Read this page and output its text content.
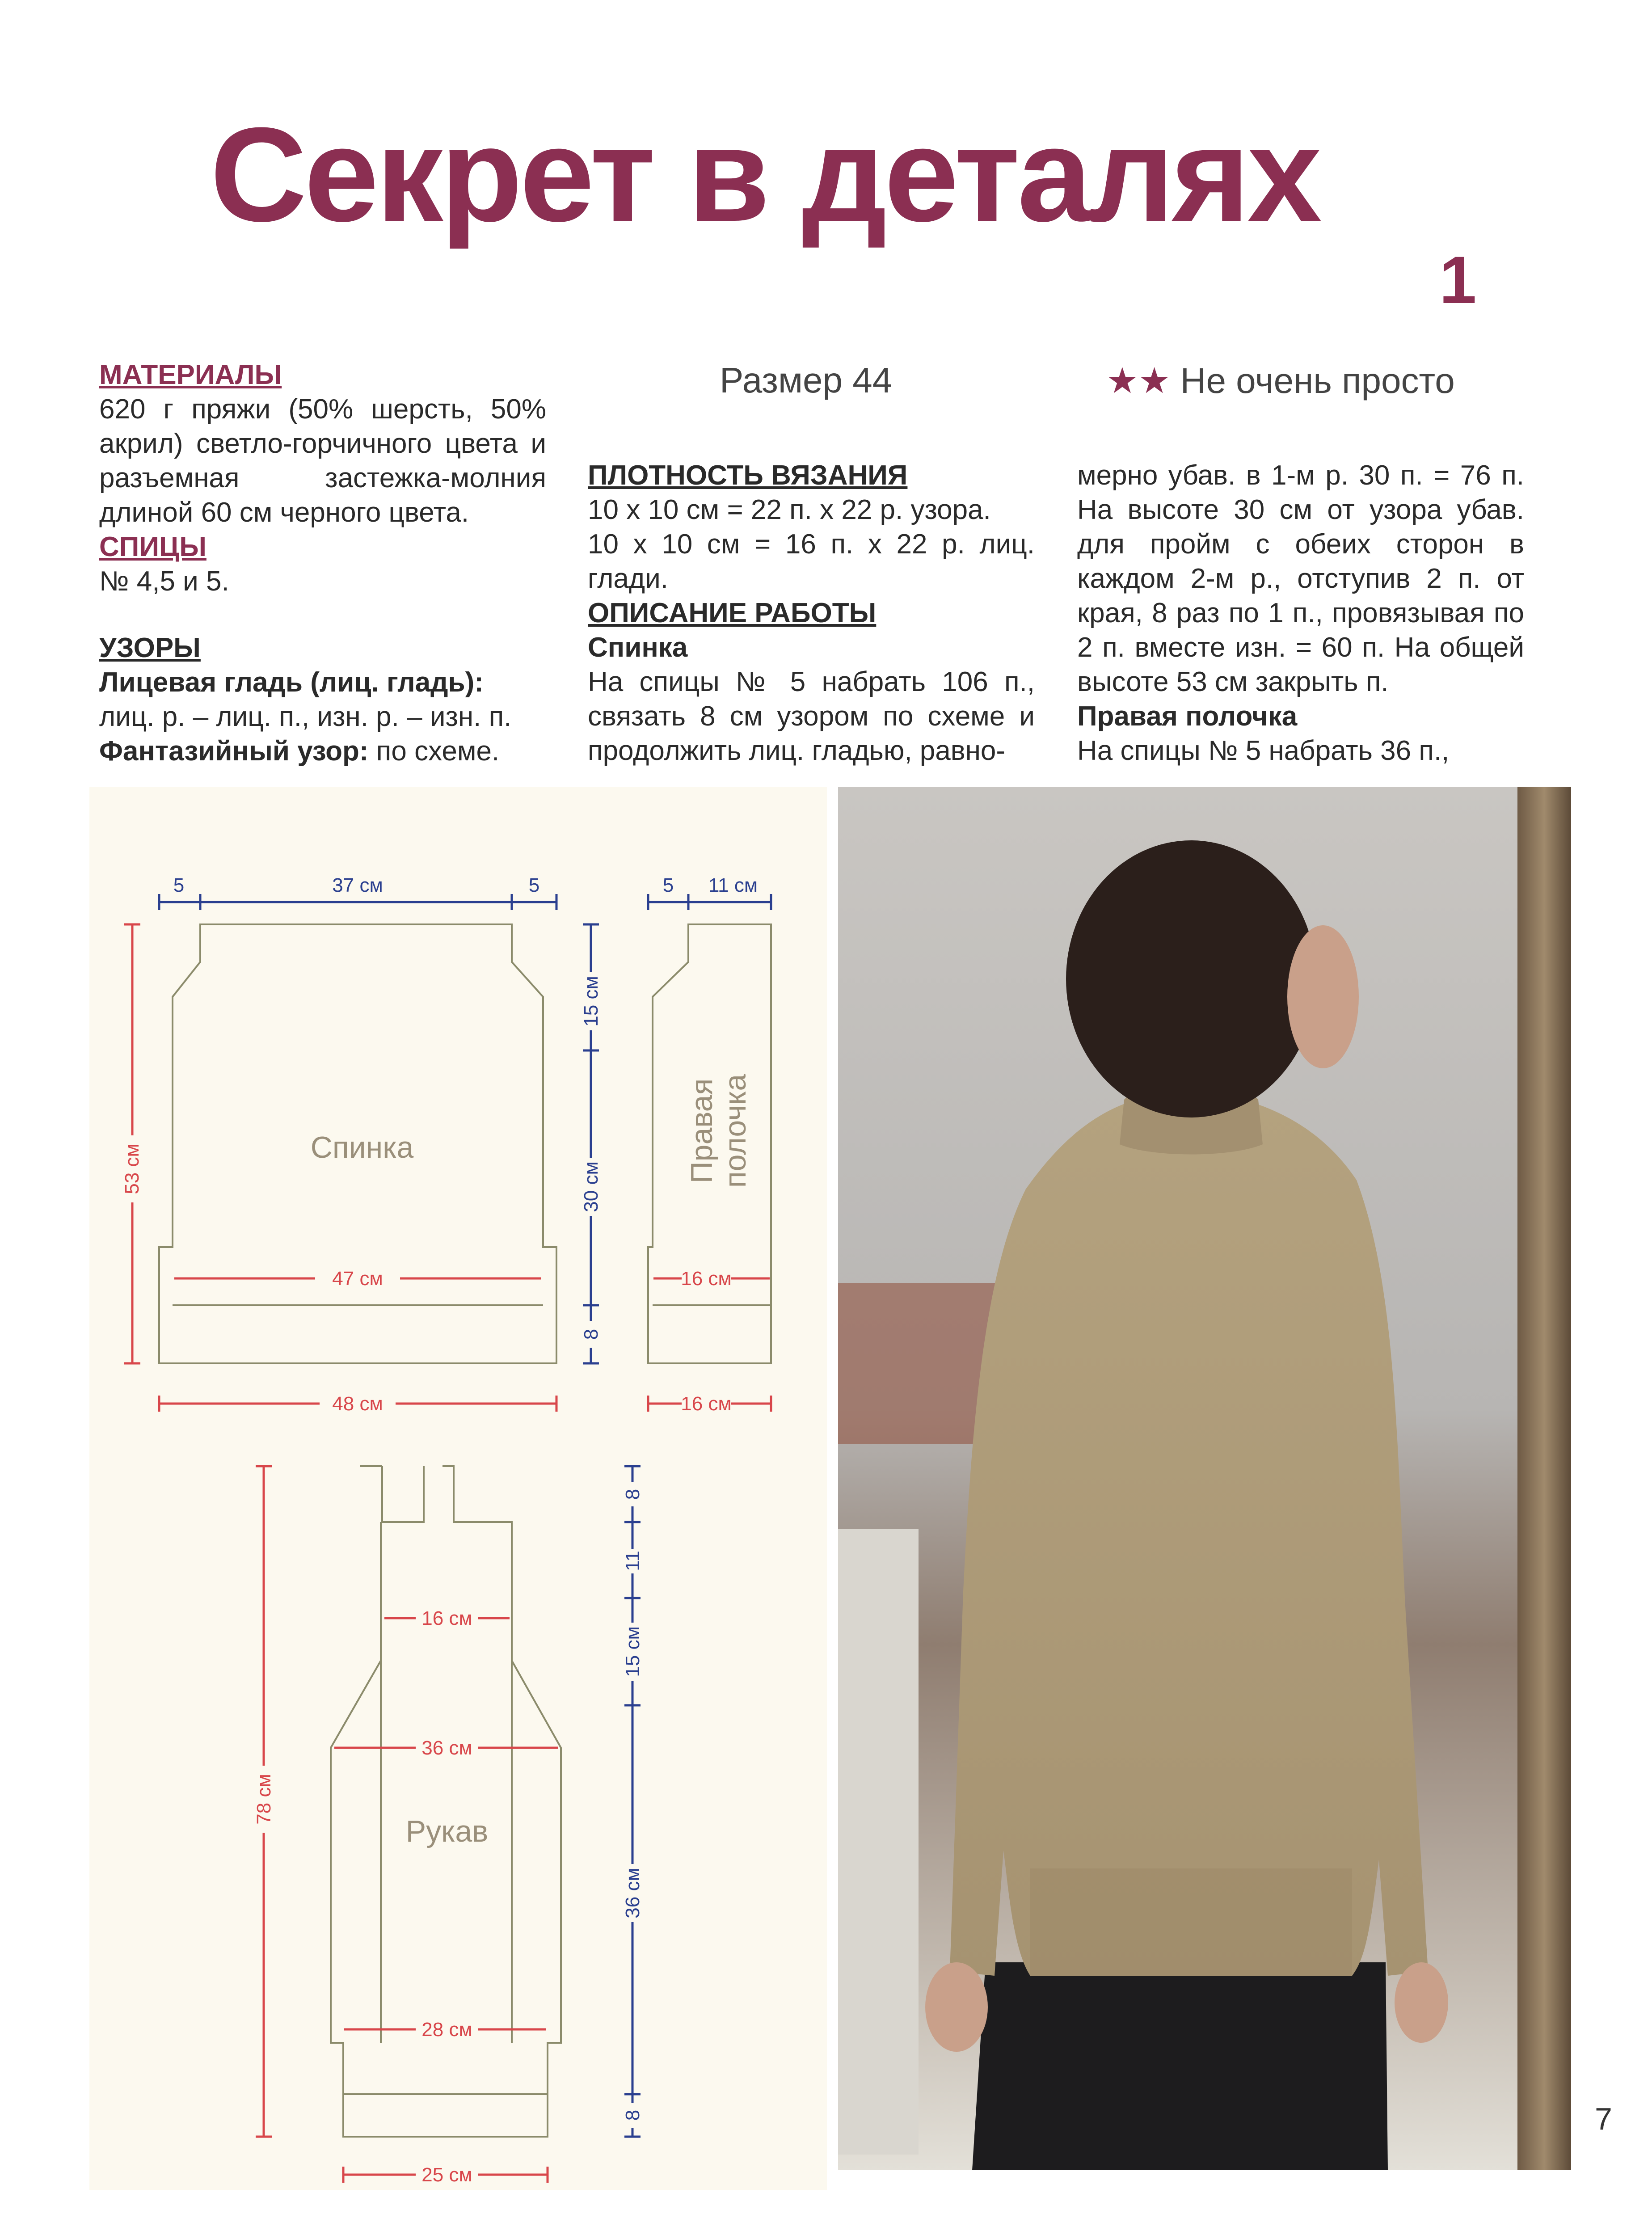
Секрет в деталях
1
Размер 44	★★ Не очень просто
МАТЕРИАЛЫ
620 г пряжи (50% шерсть, 50% акрил) светло-горчичного цвета и разъемная застежка-молния длиной 60 см черного цвета.
СПИЦЫ
№ 4,5 и 5.
УЗОРЫ
Лицевая гладь (лиц. гладь): лиц. р. – лиц. п., изн. р. – изн. п.
Фантазийный узор: по схеме.
ПЛОТНОСТЬ ВЯЗАНИЯ
10 х 10 см = 22 п. х 22 р. узора.
10 х 10 см = 16 п. х 22 р. лиц. глади.
ОПИСАНИЕ РАБОТЫ
Спинка
На спицы № 5 набрать 106 п., связать 8 см узором по схеме и продолжить лиц. гладью, равно-
мерно убав. в 1-м р. 30 п. = 76 п. На высоте 30 см от узора убав. для пройм с обеих сторон в каждом 2-м р., отступив 2 п. от края, 8 раз по 1 п., провязывая по 2 п. вместе изн. = 60 п. На общей высоте 53 см закрыть п.
Правая полочка
На спицы № 5 набрать 36 п.,
5	37 см	5
47 см
48 см
53 см
5 11 см
16 см
16 см
15 см
30 см
8
78 см
16 см
36 см
28 см
25 см
8
11
15 см
36 см
8
Спинка
Рукав
Правая полочка
7
